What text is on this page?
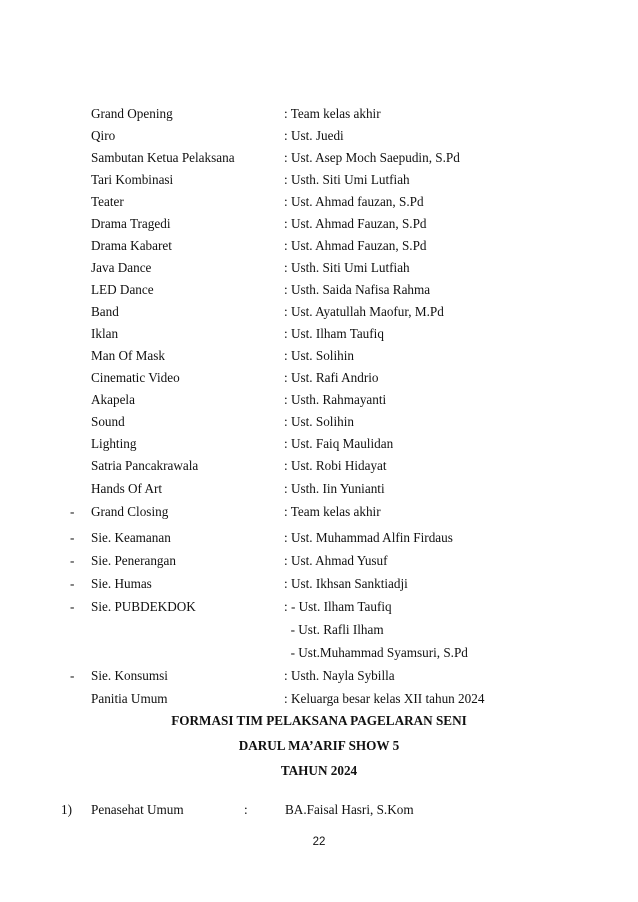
Grand Opening	: Team kelas akhir
Qiro	: Ust. Juedi
Sambutan Ketua Pelaksana	: Ust. Asep Moch Saepudin, S.Pd
Tari Kombinasi	: Usth. Siti Umi Lutfiah
Teater	: Ust. Ahmad fauzan, S.Pd
Drama Tragedi	: Ust. Ahmad Fauzan, S.Pd
Drama Kabaret	: Ust. Ahmad Fauzan, S.Pd
Java Dance	: Usth. Siti Umi Lutfiah
LED Dance	: Usth. Saida Nafisa Rahma
Band	: Ust. Ayatullah Maofur, M.Pd
Iklan	: Ust. Ilham Taufiq
Man Of Mask	: Ust. Solihin
Cinematic Video	: Ust. Rafi Andrio
Akapela	: Usth. Rahmayanti
Sound	: Ust. Solihin
Lighting	: Ust. Faiq Maulidan
Satria Pancakrawala	: Ust. Robi Hidayat
Hands Of Art	: Usth. Iin Yunianti
- Grand Closing	: Team kelas akhir
- Sie. Keamanan	: Ust. Muhammad Alfin Firdaus
- Sie. Penerangan	: Ust. Ahmad Yusuf
- Sie. Humas	: Ust. Ikhsan Sanktiadji
- Sie. PUBDEKDOK	: - Ust. Ilham Taufiq
- Ust. Rafli Ilham
- Ust.Muhammad Syamsuri, S.Pd
- Sie. Konsumsi	: Usth. Nayla Sybilla
Panitia Umum	: Keluarga besar kelas XII tahun 2024
FORMASI TIM PELAKSANA PAGELARAN SENI
DARUL MA’ARIF SHOW 5
TAHUN 2024
1) Penasehat Umum	:	BA.Faisal Hasri, S.Kom
22
